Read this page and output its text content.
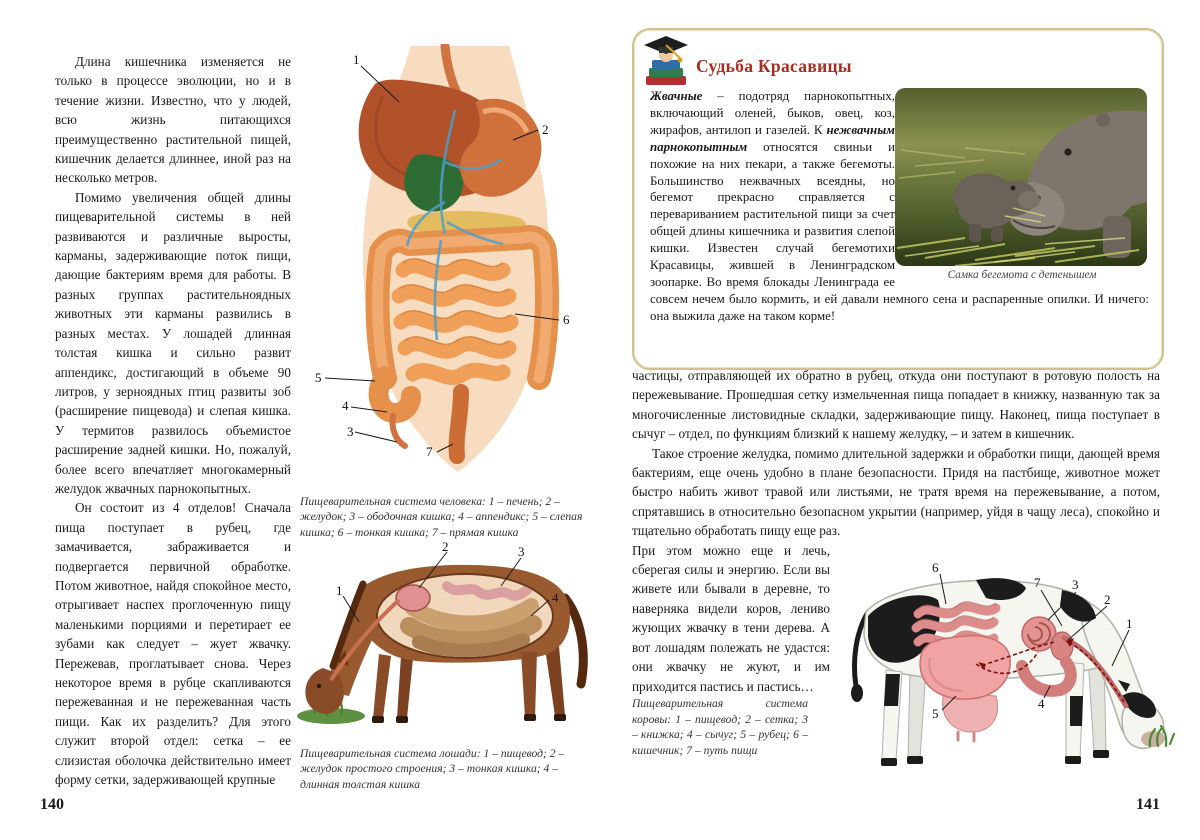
Длина кишечника изменяется не только в процессе эволюции, но и в течение жизни. Известно, что у людей, всю жизнь питающихся преимущественно растительной пищей, кишечник делается длиннее, иной раз на несколько метров.

Помимо увеличения общей длины пищеварительной системы в ней развиваются и различные выросты, карманы, задерживающие поток пищи, дающие бактериям время для работы. В разных группах растительноядных животных эти карманы развились в разных местах. У лошадей длинная толстая кишка и сильно развит аппендикс, достигающий в объеме 90 литров, у зерноядных птиц развиты зоб (расширение пищевода) и слепая кишка. У термитов развилось объемистое расширение задней кишки. Но, пожалуй, более всего впечатляет многокамерный желудок жвачных парнокопытных.

Он состоит из 4 отделов! Сначала пища поступает в рубец, где замачивается, забраживается и подвергается первичной обработке. Потом животное, найдя спокойное место, отрыгивает наспех проглоченную пищу маленькими порциями и перетирает ее зубами как следует – жует жвачку. Пережевав, проглатывает снова. Через некоторое время в рубце скапливаются пережеванная и не пережеванная часть пищи. Как их разделить? Для этого служит второй отдел: сетка – ее слизистая оболочка действительно имеет форму сетки, задерживающей крупные

1
2
3
4
5
6
7

Пищеварительная система человека: 1 – печень; 2 – желудок; 3 – ободочная кишка; 4 – аппендикс; 5 – слепая кишка; 6 – тонкая кишка; 7 – прямая кишка

1
2	3
4

Пищеварительная система лошади: 1 – пищевод; 2 – желудок простого строения; 3 – тонкая кишка; 4 – длинная толстая кишка

140
Судьба Красавицы
Самка бегемота с детенышем
Жвачные – подотряд парнокопытных, включающий оленей, быков, овец, коз, жирафов, антилоп и газелей. К нежвачным парнокопытным относятся свиньи и похожие на них пекари, а также бегемоты. Большинство нежвачных всеядны, но бегемот прекрасно справляется с перевариванием растительной пищи за счет общей длины кишечника и развития слепой кишки. Известен случай бегемотихи Красавицы, жившей в Ленинградском зоопарке. Во время блокады Ленинграда ее совсем нечем было кормить, и ей давали немного сена и распаренные опилки. И ничего: она выжила даже на таком корме!

частицы, отправляющей их обратно в рубец, откуда они поступают в ротовую полость на пережевывание. Прошедшая сетку измельченная пища попадает в книжку, названную так за многочисленные листовидные складки, задерживающие пищу. Наконец, пища поступает в сычуг – отдел, по функциям близкий к нашему желудку, – и затем в кишечник.

Такое строение желудка, помимо длительной задержки и обработки пищи, дающей время бактериям, еще очень удобно в плане безопасности. Придя на пастбище, животное может быстро набить живот травой или листьями, не тратя время на пережевывание, а потом, спрятавшись в относительно безопасном укрытии (например, уйдя в чащу леса), спокойно и тщательно обработать пищу еще раз.

При этом можно еще и лечь, сберегая силы и энергию. Если вы живете или бывали в деревне, то наверняка видели коров, лениво жующих жвачку в тени дерева. А вот лошадям полежать не удастся: они жвачку не жуют, и им приходится пастись и пастись…

Пищеварительная система коровы: 1 – пищевод; 2 – сетка; 3 – книжка; 4 – сычуг; 5 – рубец; 6 – кишечник; 7 – путь пищи

1
2
3
4
5
6
7
141
